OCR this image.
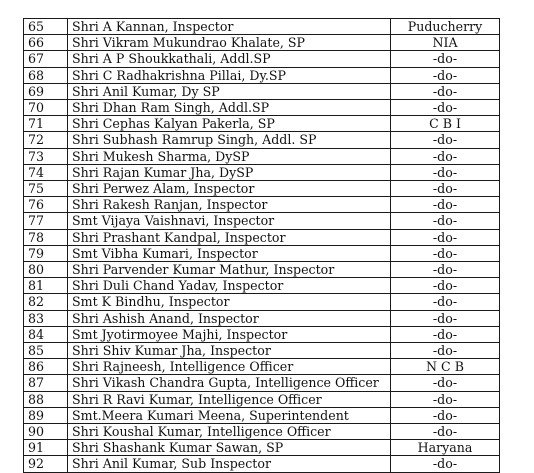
65	Shri A Kannan, Inspector	Puducherry
66	Shri Vikram Mukundrao Khalate, SP	NIA
67	Shri A P Shoukkathali, Addl.SP	-do-
68	Shri C Radhakrishna Pillai, Dy.SP	-do-
69	Shri Anil Kumar, Dy SP	-do-
70	Shri Dhan Ram Singh, Addl.SP	-do-
71	Shri Cephas Kalyan Pakerla, SP	C B I
72	Shri Subhash Ramrup Singh, Addl. SP	-do-
73	Shri Mukesh Sharma, DySP	-do-
74	Shri Rajan Kumar Jha, DySP	-do-
75	Shri Perwez Alam, Inspector	-do-
76	Shri Rakesh Ranjan, Inspector	-do-
77	Smt Vijaya Vaishnavi, Inspector	-do-
78	Shri Prashant Kandpal, Inspector	-do-
79	Smt Vibha Kumari, Inspector	-do-
80	Shri Parvender Kumar Mathur, Inspector	-do-
81	Shri Duli Chand Yadav, Inspector	-do-
82	Smt K Bindhu, Inspector	-do-
83	Shri Ashish Anand, Inspector	-do-
84	Smt Jyotirmoyee Majhi, Inspector	-do-
85	Shri Shiv Kumar Jha, Inspector	-do-
86	Shri Rajneesh, Intelligence Officer	N C B
87	Shri Vikash Chandra Gupta, Intelligence Officer	-do-
88	Shri R Ravi Kumar, Intelligence Officer	-do-
89	Smt.Meera Kumari Meena, Superintendent	-do-
90	Shri Koushal Kumar, Intelligence Officer	-do-
91	Shri Shashank Kumar Sawan, SP	Haryana
92	Shri Anil Kumar, Sub Inspector	-do-
